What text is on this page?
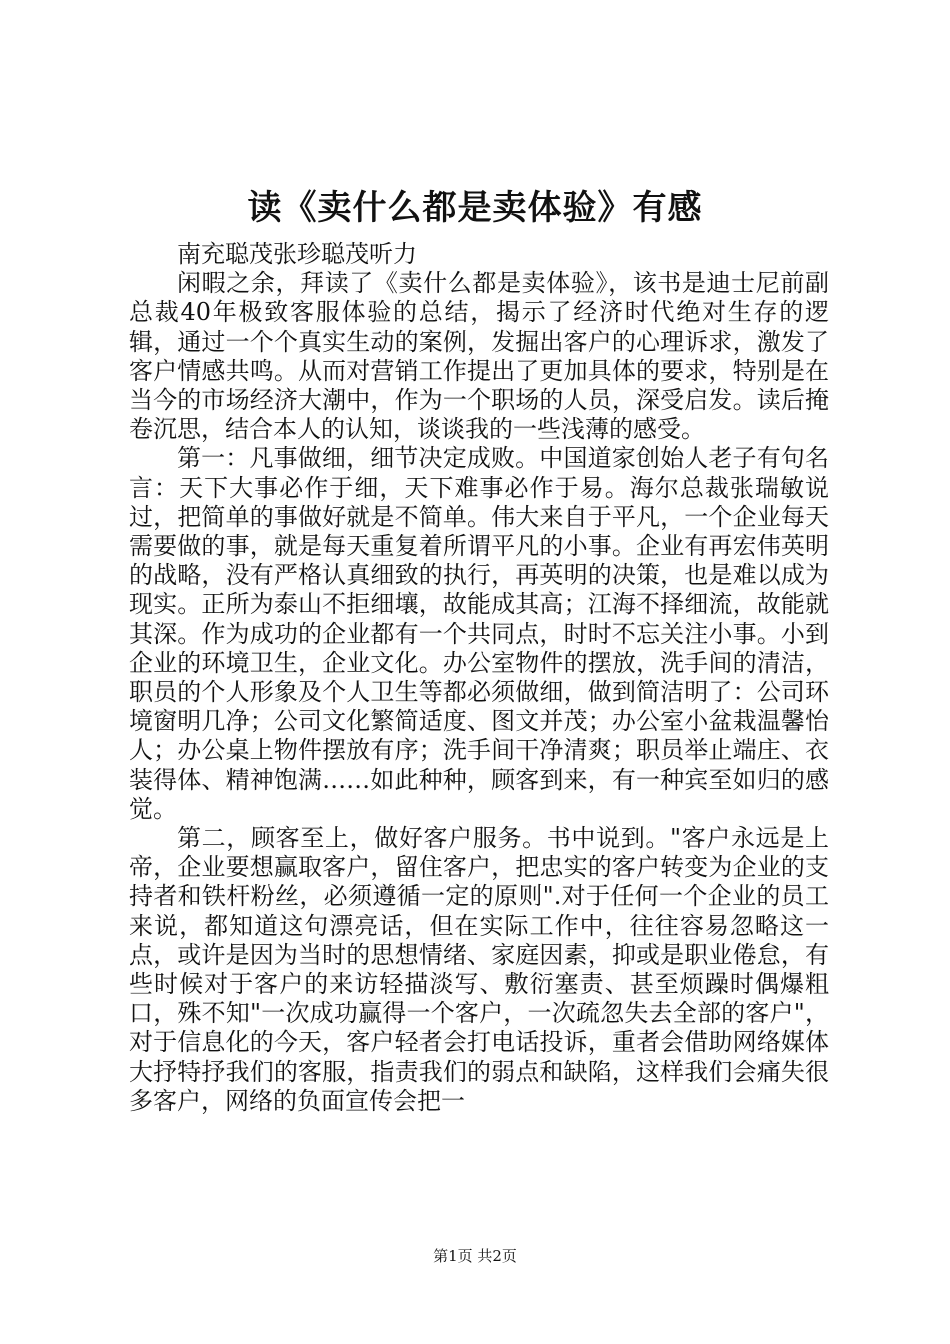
读《卖什么都是卖体验》有感

南充聪茂张珍聪茂听力

闲暇之余，拜读了《卖什么都是卖体验》，该书是迪士尼前副总裁40年极致客服体验的总结，揭示了经济时代绝对生存的逻辑，通过一个个真实生动的案例，发掘出客户的心理诉求，激发了客户情感共鸣。从而对营销工作提出了更加具体的要求，特别是在当今的市场经济大潮中，作为一个职场的人员，深受启发。读后掩卷沉思，结合本人的认知，谈谈我的一些浅薄的感受。

第一：凡事做细，细节决定成败。中国道家创始人老子有句名言：天下大事必作于细，天下难事必作于易。海尔总裁张瑞敏说过，把简单的事做好就是不简单。伟大来自于平凡，一个企业每天需要做的事，就是每天重复着所谓平凡的小事。企业有再宏伟英明的战略，没有严格认真细致的执行，再英明的决策，也是难以成为现实。正所为泰山不拒细壤，故能成其高；江海不择细流，故能就其深。作为成功的企业都有一个共同点，时时不忘关注小事。小到企业的环境卫生，企业文化。办公室物件的摆放，洗手间的清洁，职员的个人形象及个人卫生等都必须做细，做到简洁明了：公司环境窗明几净；公司文化繁简适度、图文并茂；办公室小盆栽温馨怡人；办公桌上物件摆放有序；洗手间干净清爽；职员举止端庄、衣装得体、精神饱满……如此种种，顾客到来，有一种宾至如归的感觉。

第二，顾客至上，做好客户服务。书中说到。"客户永远是上帝，企业要想赢取客户，留住客户，把忠实的客户转变为企业的支持者和铁杆粉丝，必须遵循一定的原则".对于任何一个企业的员工来说，都知道这句漂亮话，但在实际工作中，往往容易忽略这一点，或许是因为当时的思想情绪、家庭因素，抑或是职业倦怠，有些时候对于客户的来访轻描淡写、敷衍塞责、甚至烦躁时偶爆粗口，殊不知"一次成功赢得一个客户，一次疏忽失去全部的客户"，对于信息化的今天，客户轻者会打电话投诉，重者会借助网络媒体大抒特抒我们的客服，指责我们的弱点和缺陷，这样我们会痛失很多客户，网络的负面宣传会把一

第1页 共2页
